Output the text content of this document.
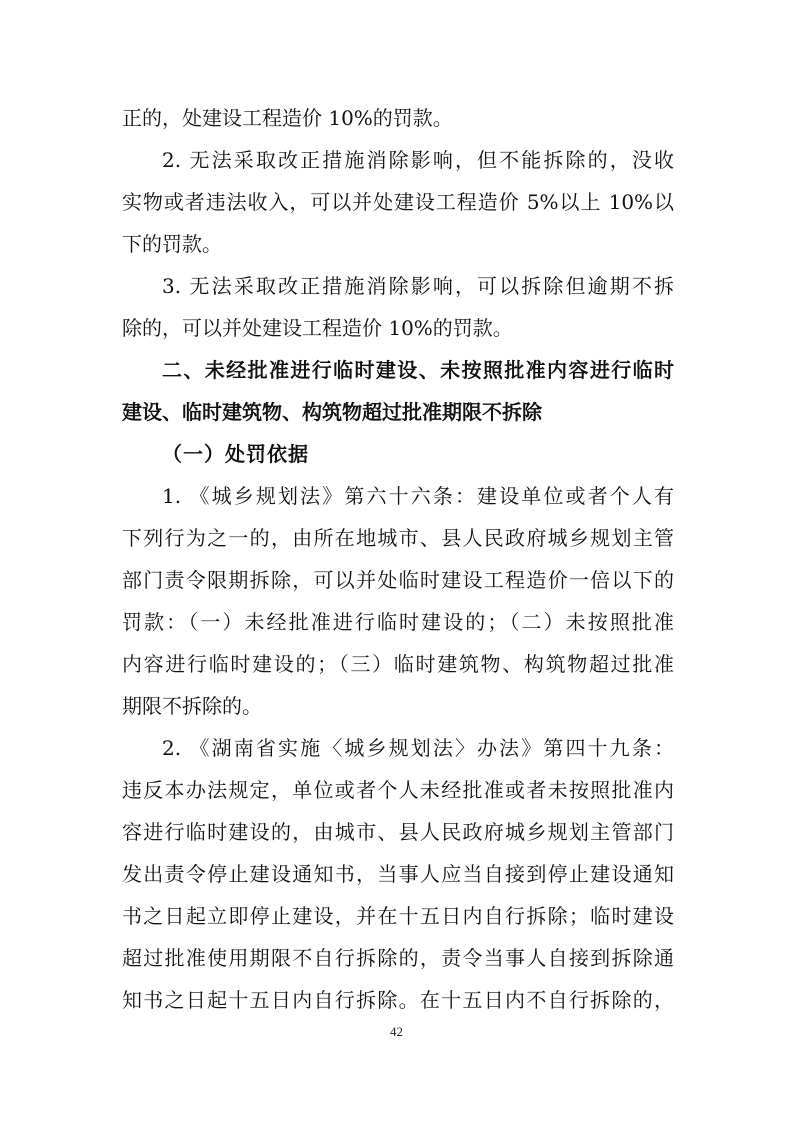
正的，处建设工程造价 10%的罚款。
2. 无法采取改正措施消除影响，但不能拆除的，没收
实物或者违法收入，可以并处建设工程造价 5%以上 10%以
下的罚款。
3. 无法采取改正措施消除影响，可以拆除但逾期不拆
除的，可以并处建设工程造价 10%的罚款。
二、未经批准进行临时建设、未按照批准内容进行临时
建设、临时建筑物、构筑物超过批准期限不拆除
（一）处罚依据
1. 《城乡规划法》第六十六条：建设单位或者个人有
下列行为之一的，由所在地城市、县人民政府城乡规划主管
部门责令限期拆除，可以并处临时建设工程造价一倍以下的
罚款：（一）未经批准进行临时建设的；（二）未按照批准
内容进行临时建设的；（三）临时建筑物、构筑物超过批准
期限不拆除的。
2. 《湖南省实施〈城乡规划法〉办法》第四十九条：
违反本办法规定，单位或者个人未经批准或者未按照批准内
容进行临时建设的，由城市、县人民政府城乡规划主管部门
发出责令停止建设通知书，当事人应当自接到停止建设通知
书之日起立即停止建设，并在十五日内自行拆除；临时建设
超过批准使用期限不自行拆除的，责令当事人自接到拆除通
知书之日起十五日内自行拆除。在十五日内不自行拆除的，
42
